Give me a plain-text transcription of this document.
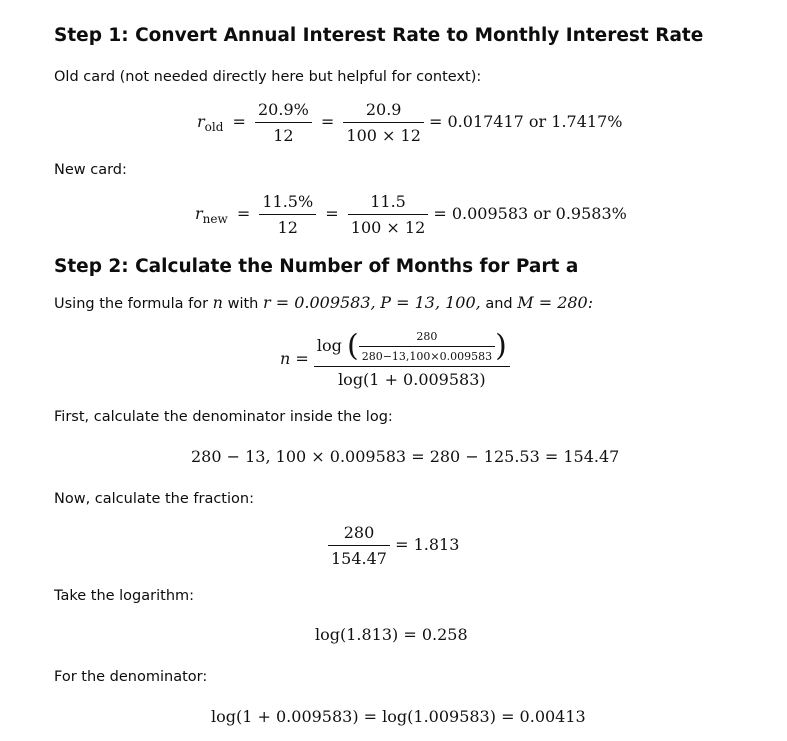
Step 1: Convert Annual Interest Rate to Monthly Interest Rate
Old card (not needed directly here but helpful for context):
$r_{old} = \frac{20.9\%}{12} = \frac{20.9}{100 \times 12} = 0.017417$ or 1.7417%
New card:
$r_{new} = \frac{11.5\%}{12} = \frac{11.5}{100 \times 12} = 0.009583$ or 0.9583%
Step 2: Calculate the Number of Months for Part a
Using the formula for n with r = 0.009583, P = 13, 100, and M = 280:
$n = \frac{\log ( \frac{280}{280-13,100\times 0.009583} )}{\log(1 + 0.009583)}$
First, calculate the denominator inside the log:
280 − 13, 100 × 0.009583 = 280 − 125.53 = 154.47
Now, calculate the fraction:
$\frac{280}{154.47} = 1.813$
Take the logarithm:
log(1.813) = 0.258
For the denominator:
log(1 + 0.009583) = log(1.009583) = 0.00413
